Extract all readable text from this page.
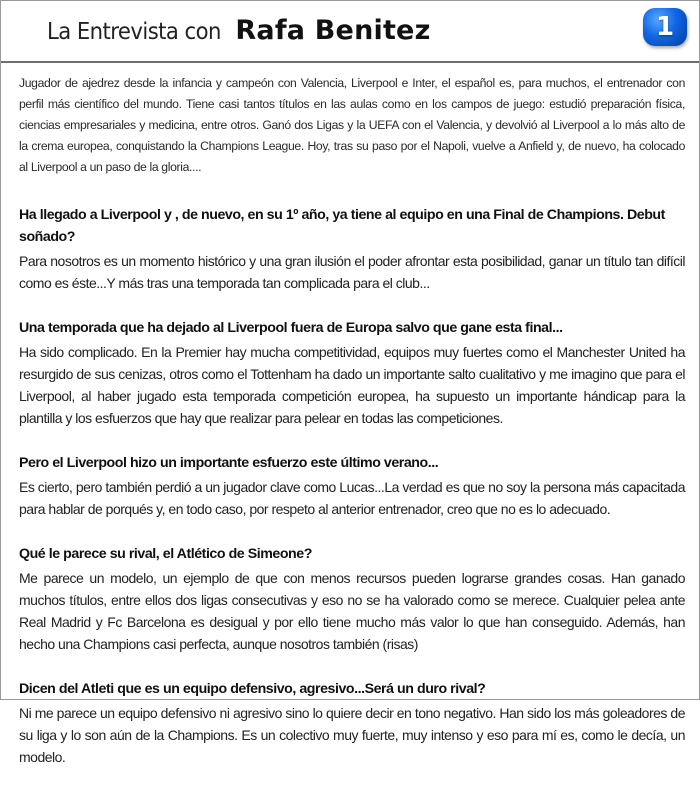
La Entrevista con Rafa Benitez	1

Jugador de ajedrez desde la infancia y campeón con Valencia, Liverpool e Inter, el español es, para muchos, el entrenador con perfil más científico del mundo. Tiene casi tantos títulos en las aulas como en los campos de juego: estudió preparación física, ciencias empresariales y medicina, entre otros. Ganó dos Ligas y la UEFA con el Valencia, y devolvió al Liverpool a lo más alto de la crema europea, conquistando la Champions League. Hoy, tras su paso por el Napoli, vuelve a Anfield y, de nuevo, ha colocado al Liverpool a un paso de la gloria....

Ha llegado a Liverpool y , de nuevo, en su 1º año, ya tiene al equipo en una Final de Champions. Debut soñado?

Para nosotros es un momento histórico y una gran ilusión el poder afrontar esta posibilidad, ganar un título tan difícil como es éste...Y más tras una temporada tan complicada para el club...

Una temporada que ha dejado al Liverpool fuera de Europa salvo que gane esta final...

Ha sido complicado. En la Premier hay mucha competitividad, equipos muy fuertes como el Manchester United ha resurgido de sus cenizas, otros como el Tottenham ha dado un importante salto cualitativo y me imagino que para el Liverpool, al haber jugado esta temporada competición europea, ha supuesto un importante hándicap para la plantilla y los esfuerzos que hay que realizar para pelear en todas las competiciones.

Pero el Liverpool hizo un importante esfuerzo este último verano...

Es cierto, pero también perdió a un jugador clave como Lucas...La verdad es que no soy la persona más capacitada para hablar de porqués y, en todo caso, por respeto al anterior entrenador, creo que no es lo adecuado.

Qué le parece su rival, el Atlético de Simeone?

Me parece un modelo, un ejemplo de que con menos recursos pueden lograrse grandes cosas. Han ganado muchos títulos, entre ellos dos ligas consecutivas y eso no se ha valorado como se merece. Cualquier pelea ante Real Madrid y Fc Barcelona es desigual y por ello tiene mucho más valor lo que han conseguido. Además, han hecho una Champions casi perfecta, aunque nosotros también (risas)

Dicen del Atleti que es un equipo defensivo, agresivo...Será un duro rival?

Ni me parece un equipo defensivo ni agresivo sino lo quiere decir en tono negativo. Han sido los más goleadores de su liga y lo son aún de la Champions. Es un colectivo muy fuerte, muy intenso y eso para mí es, como le decía, un modelo.
